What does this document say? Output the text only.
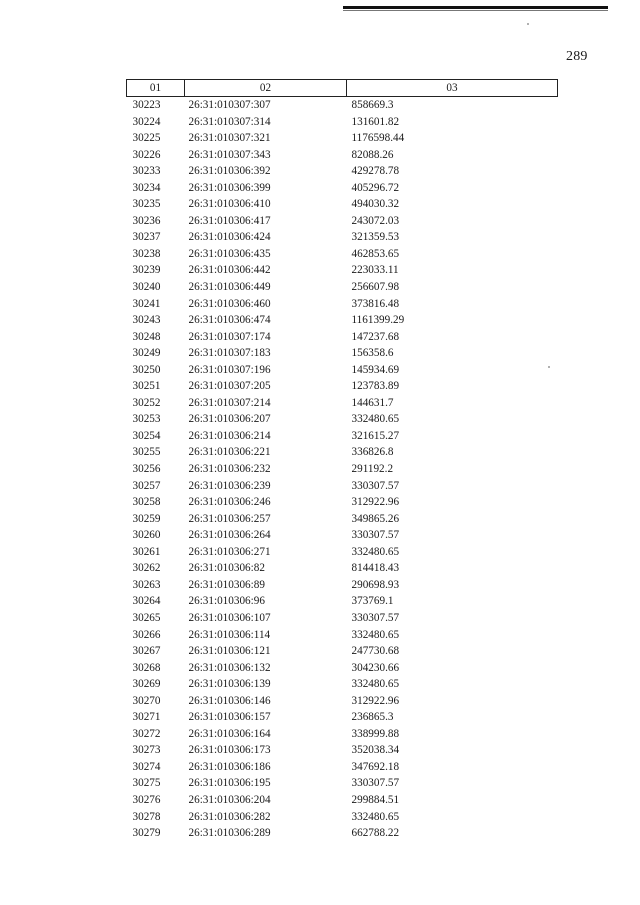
289
01	02	03
30223	26:31:010307:307	858669.3
30224	26:31:010307:314	131601.82
30225	26:31:010307:321	1176598.44
30226	26:31:010307:343	82088.26
30233	26:31:010306:392	429278.78
30234	26:31:010306:399	405296.72
30235	26:31:010306:410	494030.32
30236	26:31:010306:417	243072.03
30237	26:31:010306:424	321359.53
30238	26:31:010306:435	462853.65
30239	26:31:010306:442	223033.11
30240	26:31:010306:449	256607.98
30241	26:31:010306:460	373816.48
30243	26:31:010306:474	1161399.29
30248	26:31:010307:174	147237.68
30249	26:31:010307:183	156358.6
30250	26:31:010307:196	145934.69
30251	26:31:010307:205	123783.89
30252	26:31:010307:214	144631.7
30253	26:31:010306:207	332480.65
30254	26:31:010306:214	321615.27
30255	26:31:010306:221	336826.8
30256	26:31:010306:232	291192.2
30257	26:31:010306:239	330307.57
30258	26:31:010306:246	312922.96
30259	26:31:010306:257	349865.26
30260	26:31:010306:264	330307.57
30261	26:31:010306:271	332480.65
30262	26:31:010306:82	814418.43
30263	26:31:010306:89	290698.93
30264	26:31:010306:96	373769.1
30265	26:31:010306:107	330307.57
30266	26:31:010306:114	332480.65
30267	26:31:010306:121	247730.68
30268	26:31:010306:132	304230.66
30269	26:31:010306:139	332480.65
30270	26:31:010306:146	312922.96
30271	26:31:010306:157	236865.3
30272	26:31:010306:164	338999.88
30273	26:31:010306:173	352038.34
30274	26:31:010306:186	347692.18
30275	26:31:010306:195	330307.57
30276	26:31:010306:204	299884.51
30278	26:31:010306:282	332480.65
30279	26:31:010306:289	662788.22
